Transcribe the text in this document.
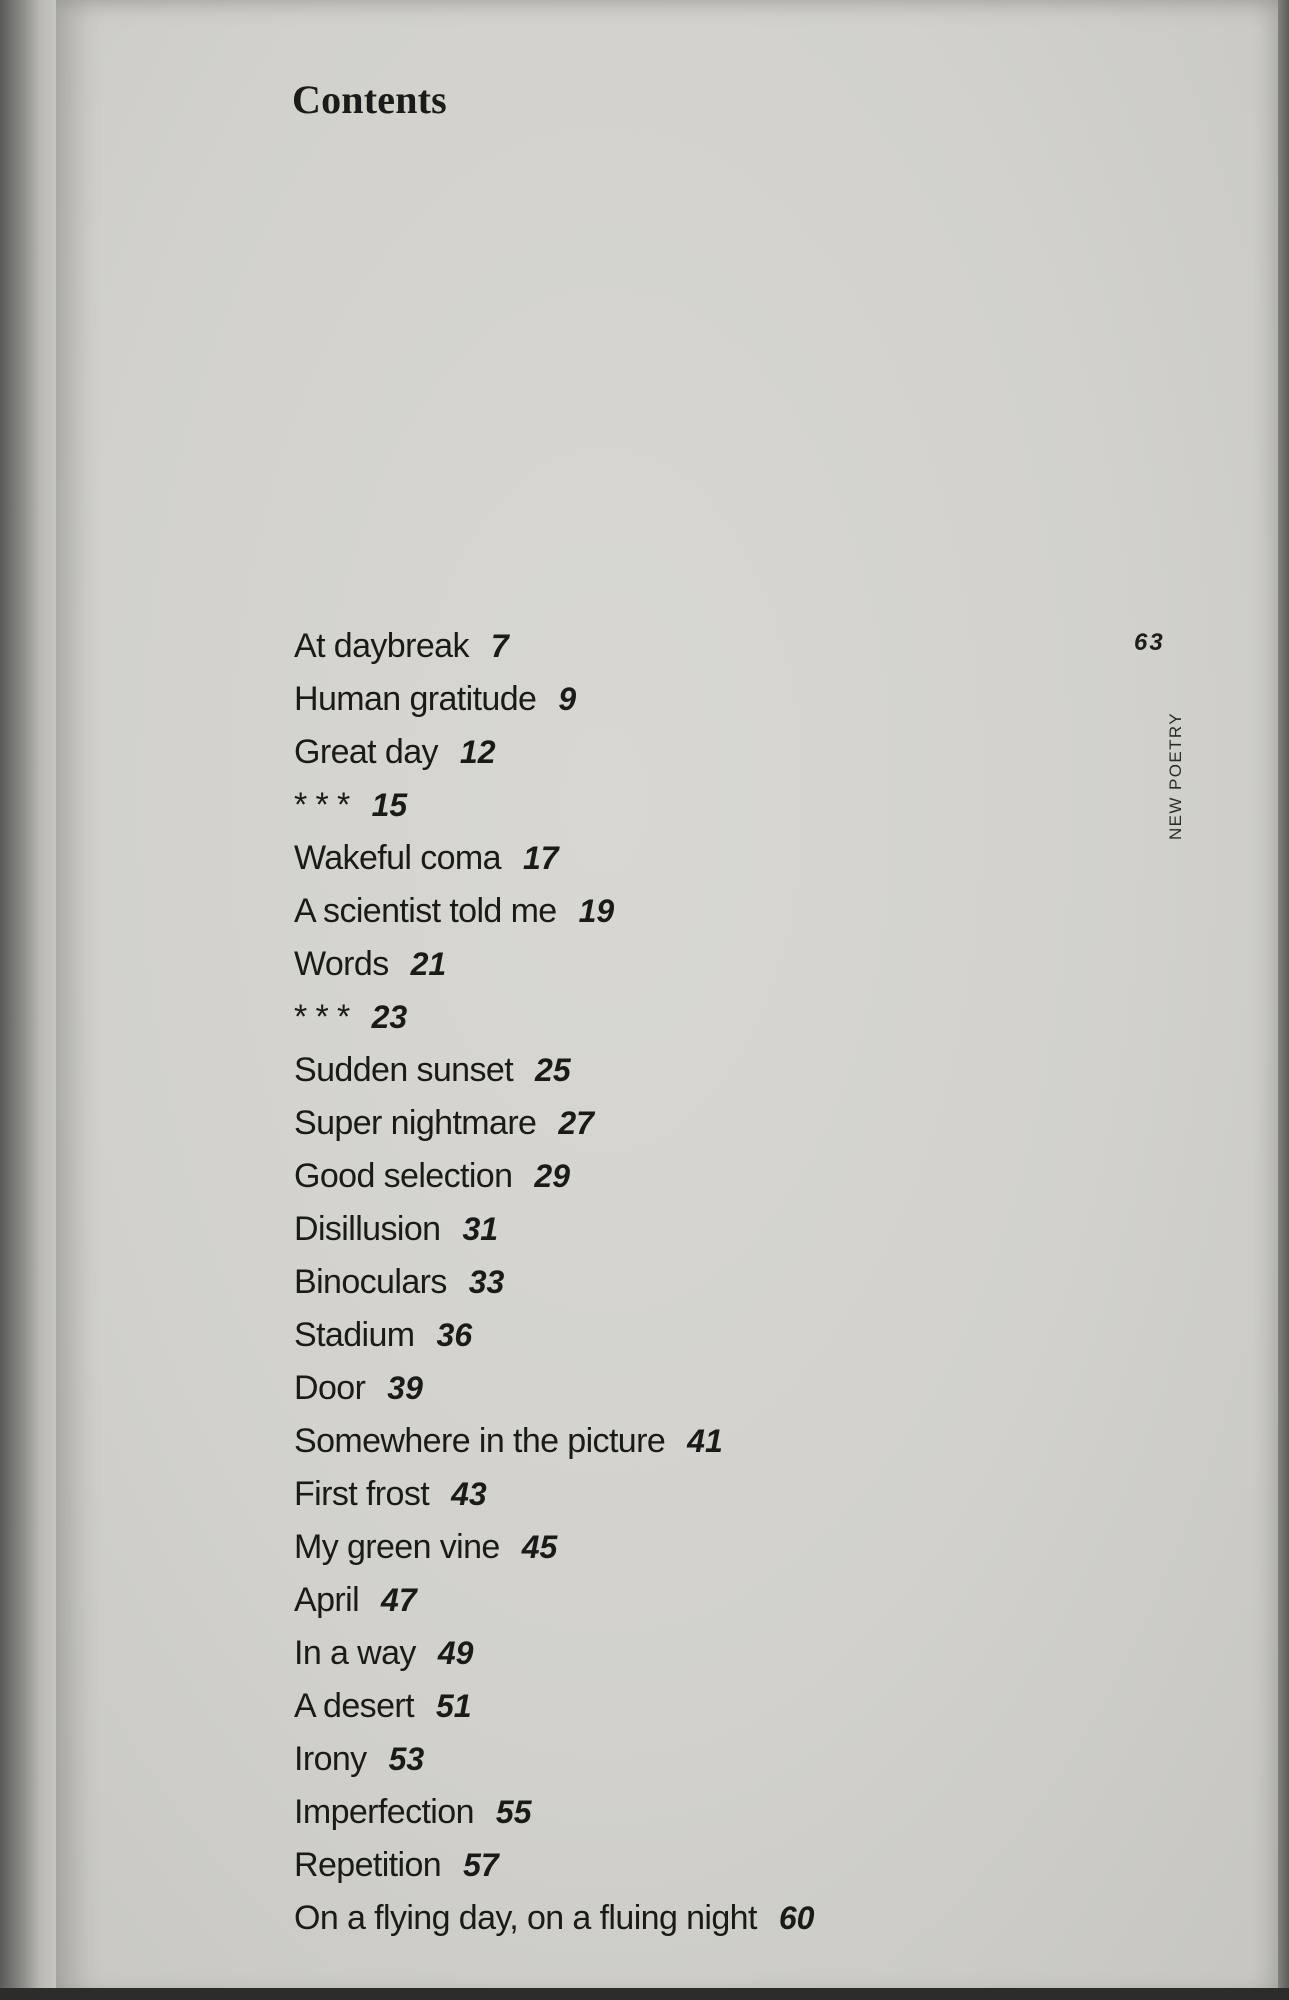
Contents
At daybreak 7
Human gratitude 9
Great day 12
* * * 15
Wakeful coma 17
A scientist told me 19
Words 21
* * * 23
Sudden sunset 25
Super nightmare 27
Good selection 29
Disillusion 31
Binoculars 33
Stadium 36
Door 39
Somewhere in the picture 41
First frost 43
My green vine 45
April 47
In a way 49
A desert 51
Irony 53
Imperfection 55
Repetition 57
On a flying day, on a fluing night 60
63
NEW POETRY
